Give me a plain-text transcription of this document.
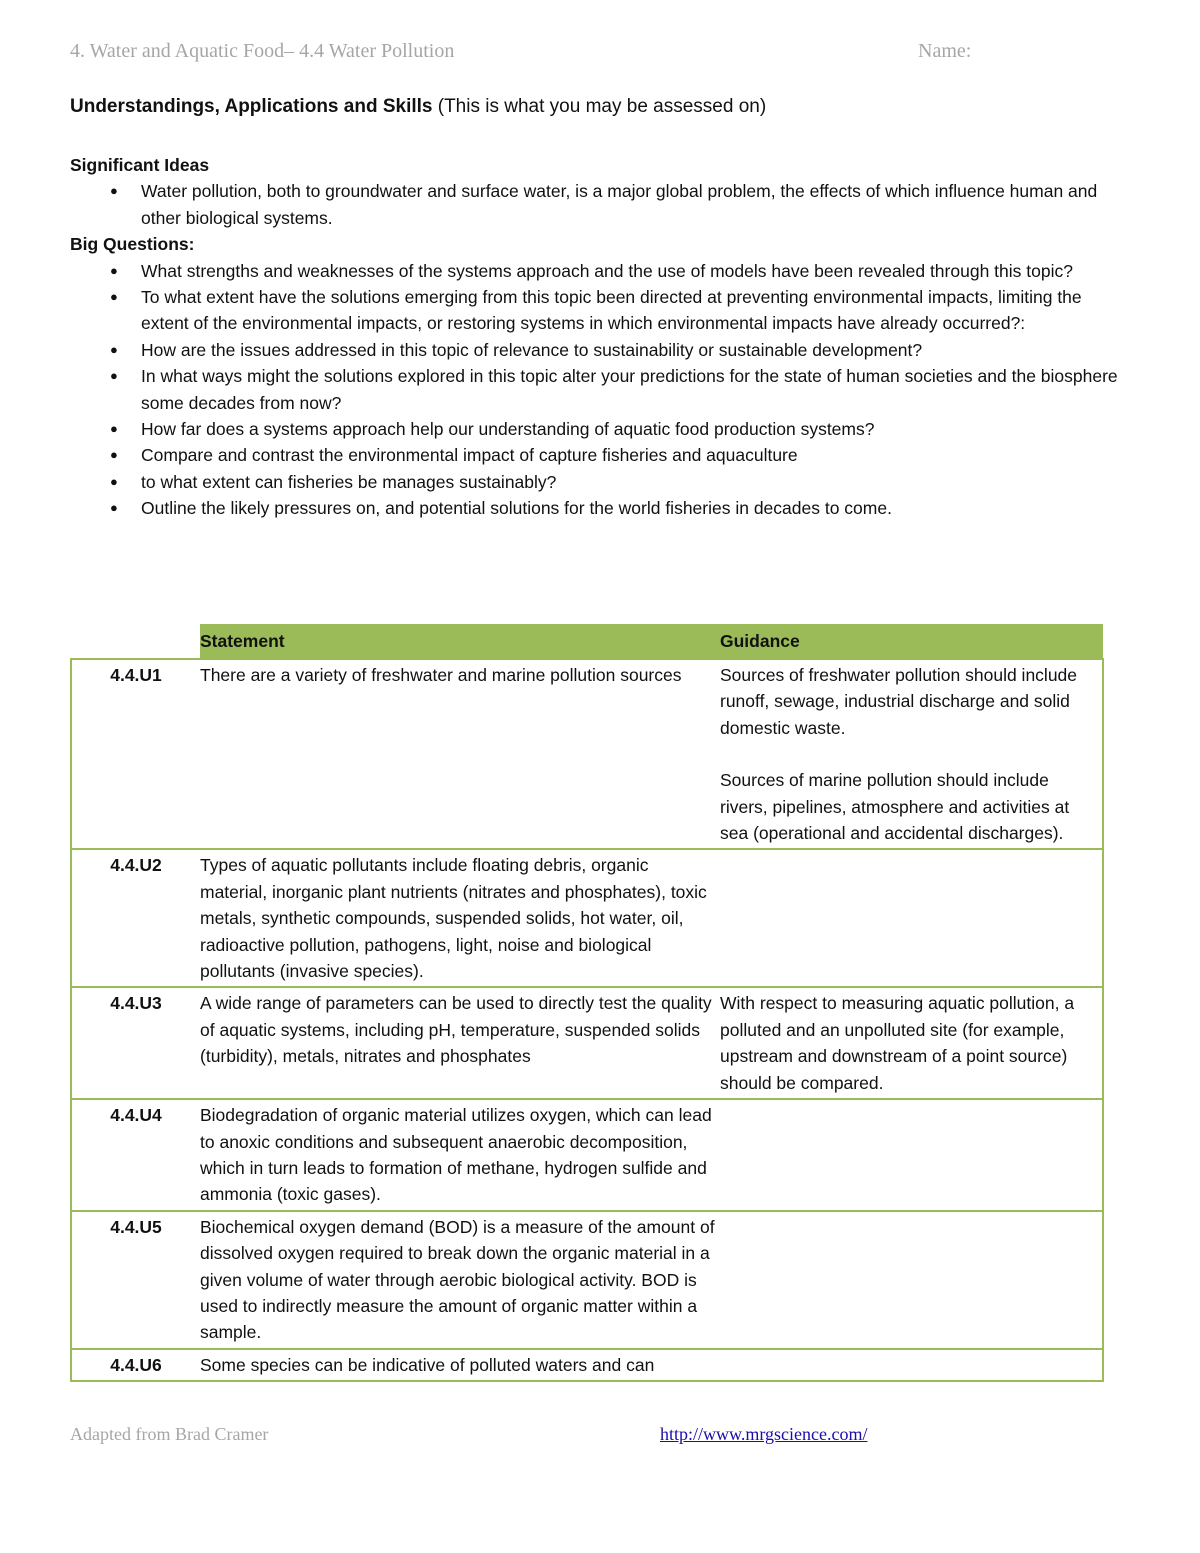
4. Water and Aquatic Food– 4.4 Water Pollution	Name:
Understandings, Applications and Skills (This is what you may be assessed on)
Significant Ideas
● Water pollution, both to groundwater and surface water, is a major global problem, the effects of which influence human and other biological systems.
Big Questions:
● What strengths and weaknesses of the systems approach and the use of models have been revealed through this topic?
● To what extent have the solutions emerging from this topic been directed at preventing environmental impacts, limiting the extent of the environmental impacts, or restoring systems in which environmental impacts have already occurred?:
● How are the issues addressed in this topic of relevance to sustainability or sustainable development?
● In what ways might the solutions explored in this topic alter your predictions for the state of human societies and the biosphere some decades from now?
● How far does a systems approach help our understanding of aquatic food production systems?
● Compare and contrast the environmental impact of capture fisheries and aquaculture
● to what extent can fisheries be manages sustainably?
● Outline the likely pressures on, and potential solutions for the world fisheries in decades to come.
	Statement	Guidance
4.4.U1	There are a variety of freshwater and marine pollution sources	Sources of freshwater pollution should include runoff, sewage, industrial discharge and solid domestic waste.

Sources of marine pollution should include rivers, pipelines, atmosphere and activities at sea (operational and accidental discharges).

4.4.U2	Types of aquatic pollutants include floating debris, organic material, inorganic plant nutrients (nitrates and phosphates), toxic metals, synthetic compounds, suspended solids, hot water, oil, radioactive pollution, pathogens, light, noise and biological pollutants (invasive species).	
4.4.U3	A wide range of parameters can be used to directly test the quality of aquatic systems, including pH, temperature, suspended solids (turbidity), metals, nitrates and phosphates	With respect to measuring aquatic pollution, a polluted and an unpolluted site (for example, upstream and downstream of a point source) should be compared.
4.4.U4	Biodegradation of organic material utilizes oxygen, which can lead to anoxic conditions and subsequent anaerobic decomposition, which in turn leads to formation of methane, hydrogen sulfide and ammonia (toxic gases).	
4.4.U5	Biochemical oxygen demand (BOD) is a measure of the amount of dissolved oxygen required to break down the organic material in a given volume of water through aerobic biological activity. BOD is used to indirectly measure the amount of organic matter within a sample.	
4.4.U6	Some species can be indicative of polluted waters and can	
Adapted from Brad Cramer	http://www.mrgscience.com/
